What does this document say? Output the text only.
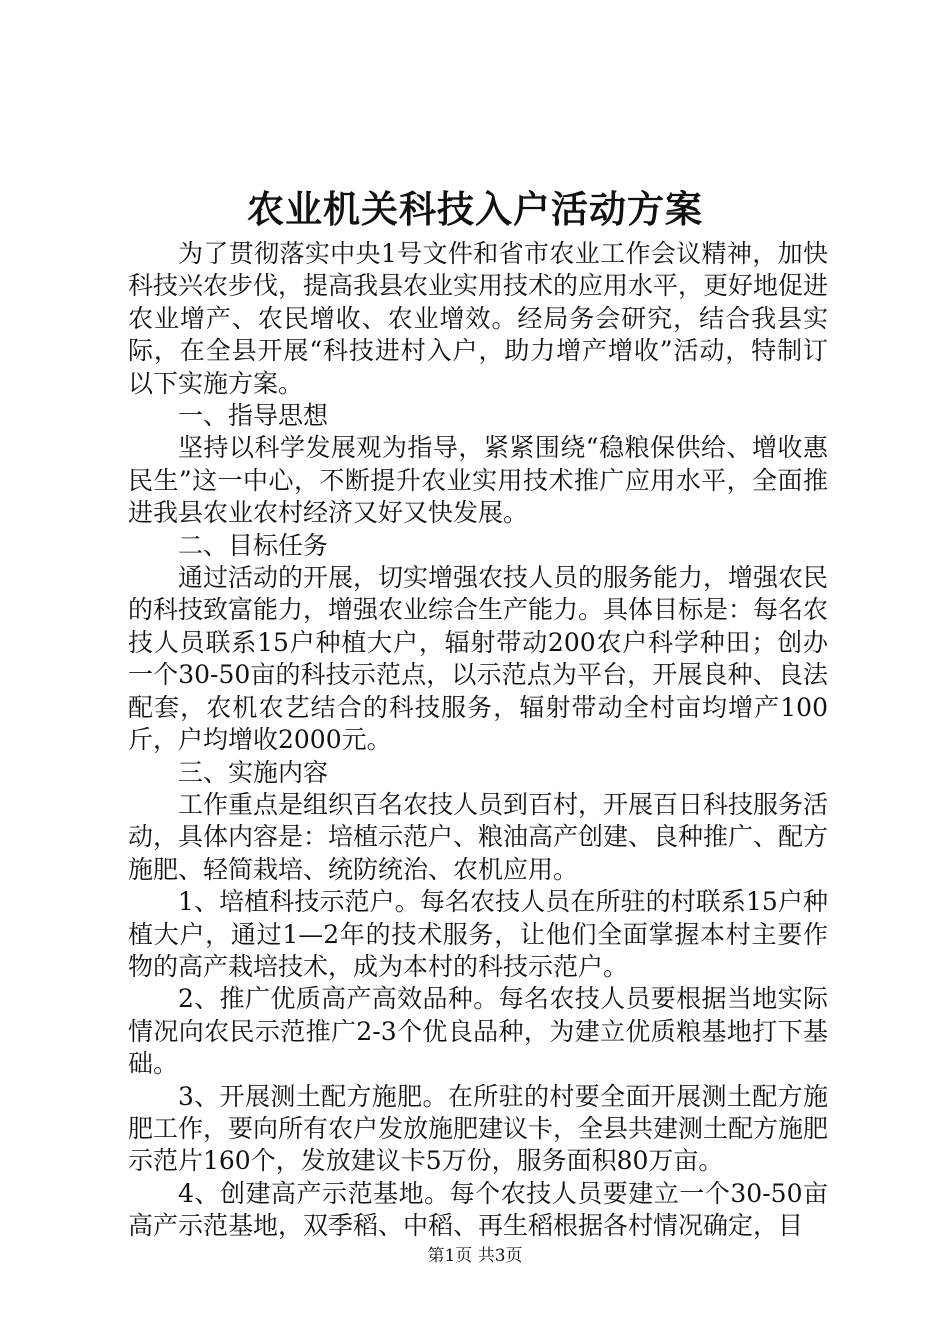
农业机关科技入户活动方案

为了贯彻落实中央1号文件和省市农业工作会议精神，加快科技兴农步伐，提高我县农业实用技术的应用水平，更好地促进农业增产、农民增收、农业增效。经局务会研究，结合我县实际，在全县开展“科技进村入户，助力增产增收”活动，特制订以下实施方案。

一、指导思想

坚持以科学发展观为指导，紧紧围绕“稳粮保供给、增收惠民生”这一中心，不断提升农业实用技术推广应用水平，全面推进我县农业农村经济又好又快发展。

二、目标任务

通过活动的开展，切实增强农技人员的服务能力，增强农民的科技致富能力，增强农业综合生产能力。具体目标是：每名农技人员联系15户种植大户，辐射带动200农户科学种田；创办一个30-50亩的科技示范点，以示范点为平台，开展良种、良法配套，农机农艺结合的科技服务，辐射带动全村亩均增产100斤，户均增收2000元。

三、实施内容

工作重点是组织百名农技人员到百村，开展百日科技服务活动，具体内容是：培植示范户、粮油高产创建、良种推广、配方施肥、轻简栽培、统防统治、农机应用。

1、培植科技示范户。每名农技人员在所驻的村联系15户种植大户，通过1—2年的技术服务，让他们全面掌握本村主要作物的高产栽培技术，成为本村的科技示范户。

2、推广优质高产高效品种。每名农技人员要根据当地实际情况向农民示范推广2-3个优良品种，为建立优质粮基地打下基础。

3、开展测土配方施肥。在所驻的村要全面开展测土配方施肥工作，要向所有农户发放施肥建议卡，全县共建测土配方施肥示范片160个，发放建议卡5万份，服务面积80万亩。

4、创建高产示范基地。每个农技人员要建立一个30-50亩高产示范基地，双季稻、中稻、再生稻根据各村情况确定，目

第1页 共3页
